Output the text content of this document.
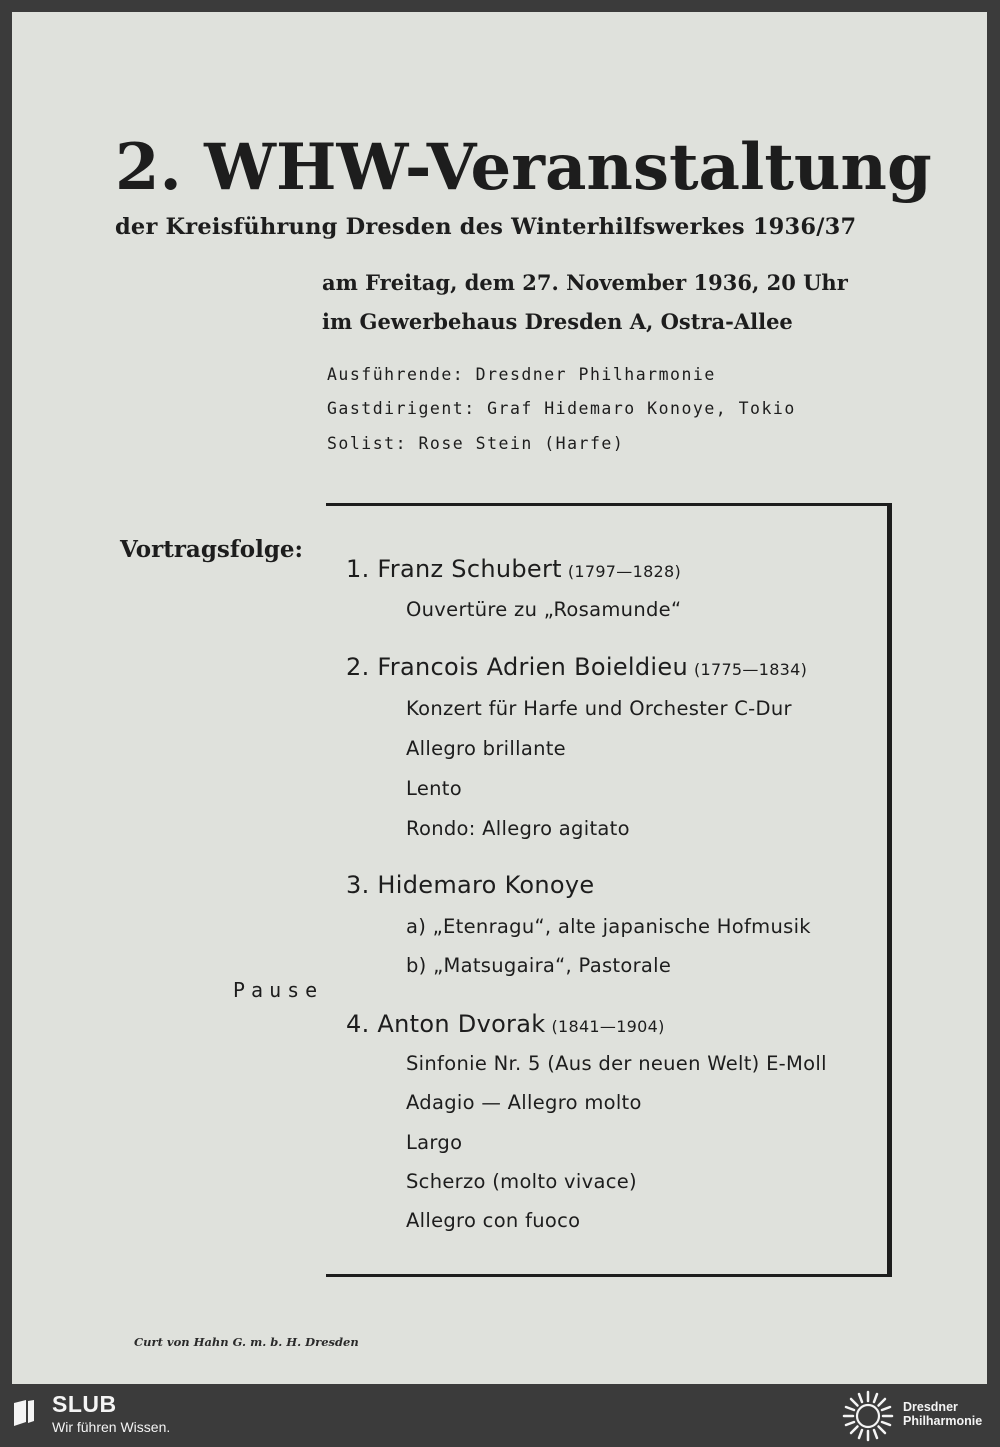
2. WHW-Veranstaltung
der Kreisführung Dresden des Winterhilfswerkes 1936/37
am Freitag, dem 27. November 1936, 20 Uhr
im Gewerbehaus Dresden A, Ostra-Allee
Ausführende: Dresdner Philharmonie
Gastdirigent: Graf Hidemaro Konoye, Tokio
Solist: Rose Stein (Harfe)
Vortragsfolge:
Pause
1. Franz Schubert (1797—1828)
Ouvertüre zu „Rosamunde“
2. Francois Adrien Boieldieu (1775—1834)
Konzert für Harfe und Orchester C-Dur
Allegro brillante
Lento
Rondo: Allegro agitato
3. Hidemaro Konoye
a) „Etenragu“, alte japanische Hofmusik
b) „Matsugaira“, Pastorale
4. Anton Dvorak (1841—1904)
Sinfonie Nr. 5 (Aus der neuen Welt) E-Moll
Adagio — Allegro molto
Largo
Scherzo (molto vivace)
Allegro con fuoco
Curt von Hahn G. m. b. H. Dresden
SLUB
Wir führen Wissen.
Dresdner
Philharmonie
